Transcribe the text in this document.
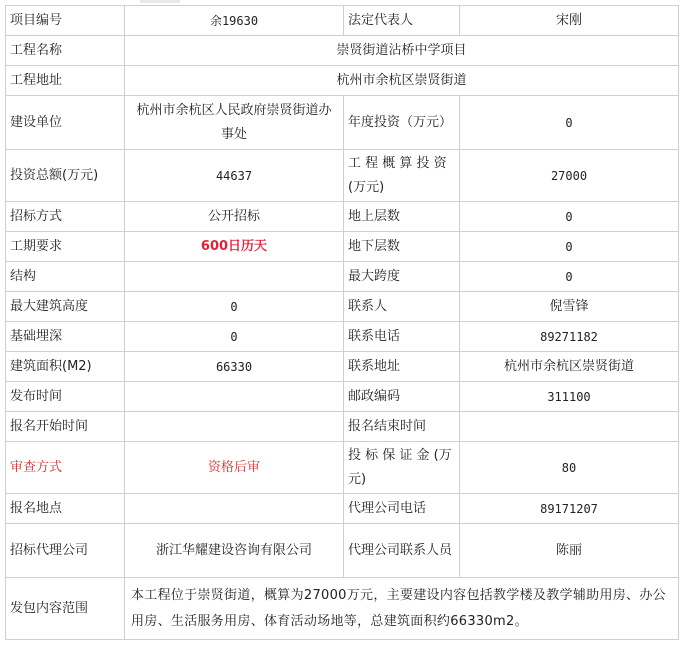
项目编号	余19630	法定代表人	宋刚
工程名称	崇贤街道沾桥中学项目		
工程地址	杭州市余杭区崇贤街道		
建设单位	杭州市余杭区人民政府崇贤街道办事处	年度投资（万元）	0
投资总额(万元)	44637	工 程 概 算 投 资 (万元)	27000
招标方式	公开招标	地上层数	0
工期要求	600日历天	地下层数	0
结构		最大跨度	0
最大建筑高度	0	联系人	倪雪锋
基础埋深	0	联系电话	89271182
建筑面积(M2)	66330	联系地址	杭州市余杭区崇贤街道
发布时间		邮政编码	311100
报名开始时间		报名结束时间	
审查方式	资格后审	投 标 保 证 金 (万 元)	80
报名地点		代理公司电话	89171207
招标代理公司	浙江华耀建设咨询有限公司	代理公司联系人员	陈丽
发包内容范围	本工程位于崇贤街道，概算为27000万元，主要建设内容包括教学楼及教学辅助用房、办公用房、生活服务用房、体育活动场地等，总建筑面积约66330m2。		
